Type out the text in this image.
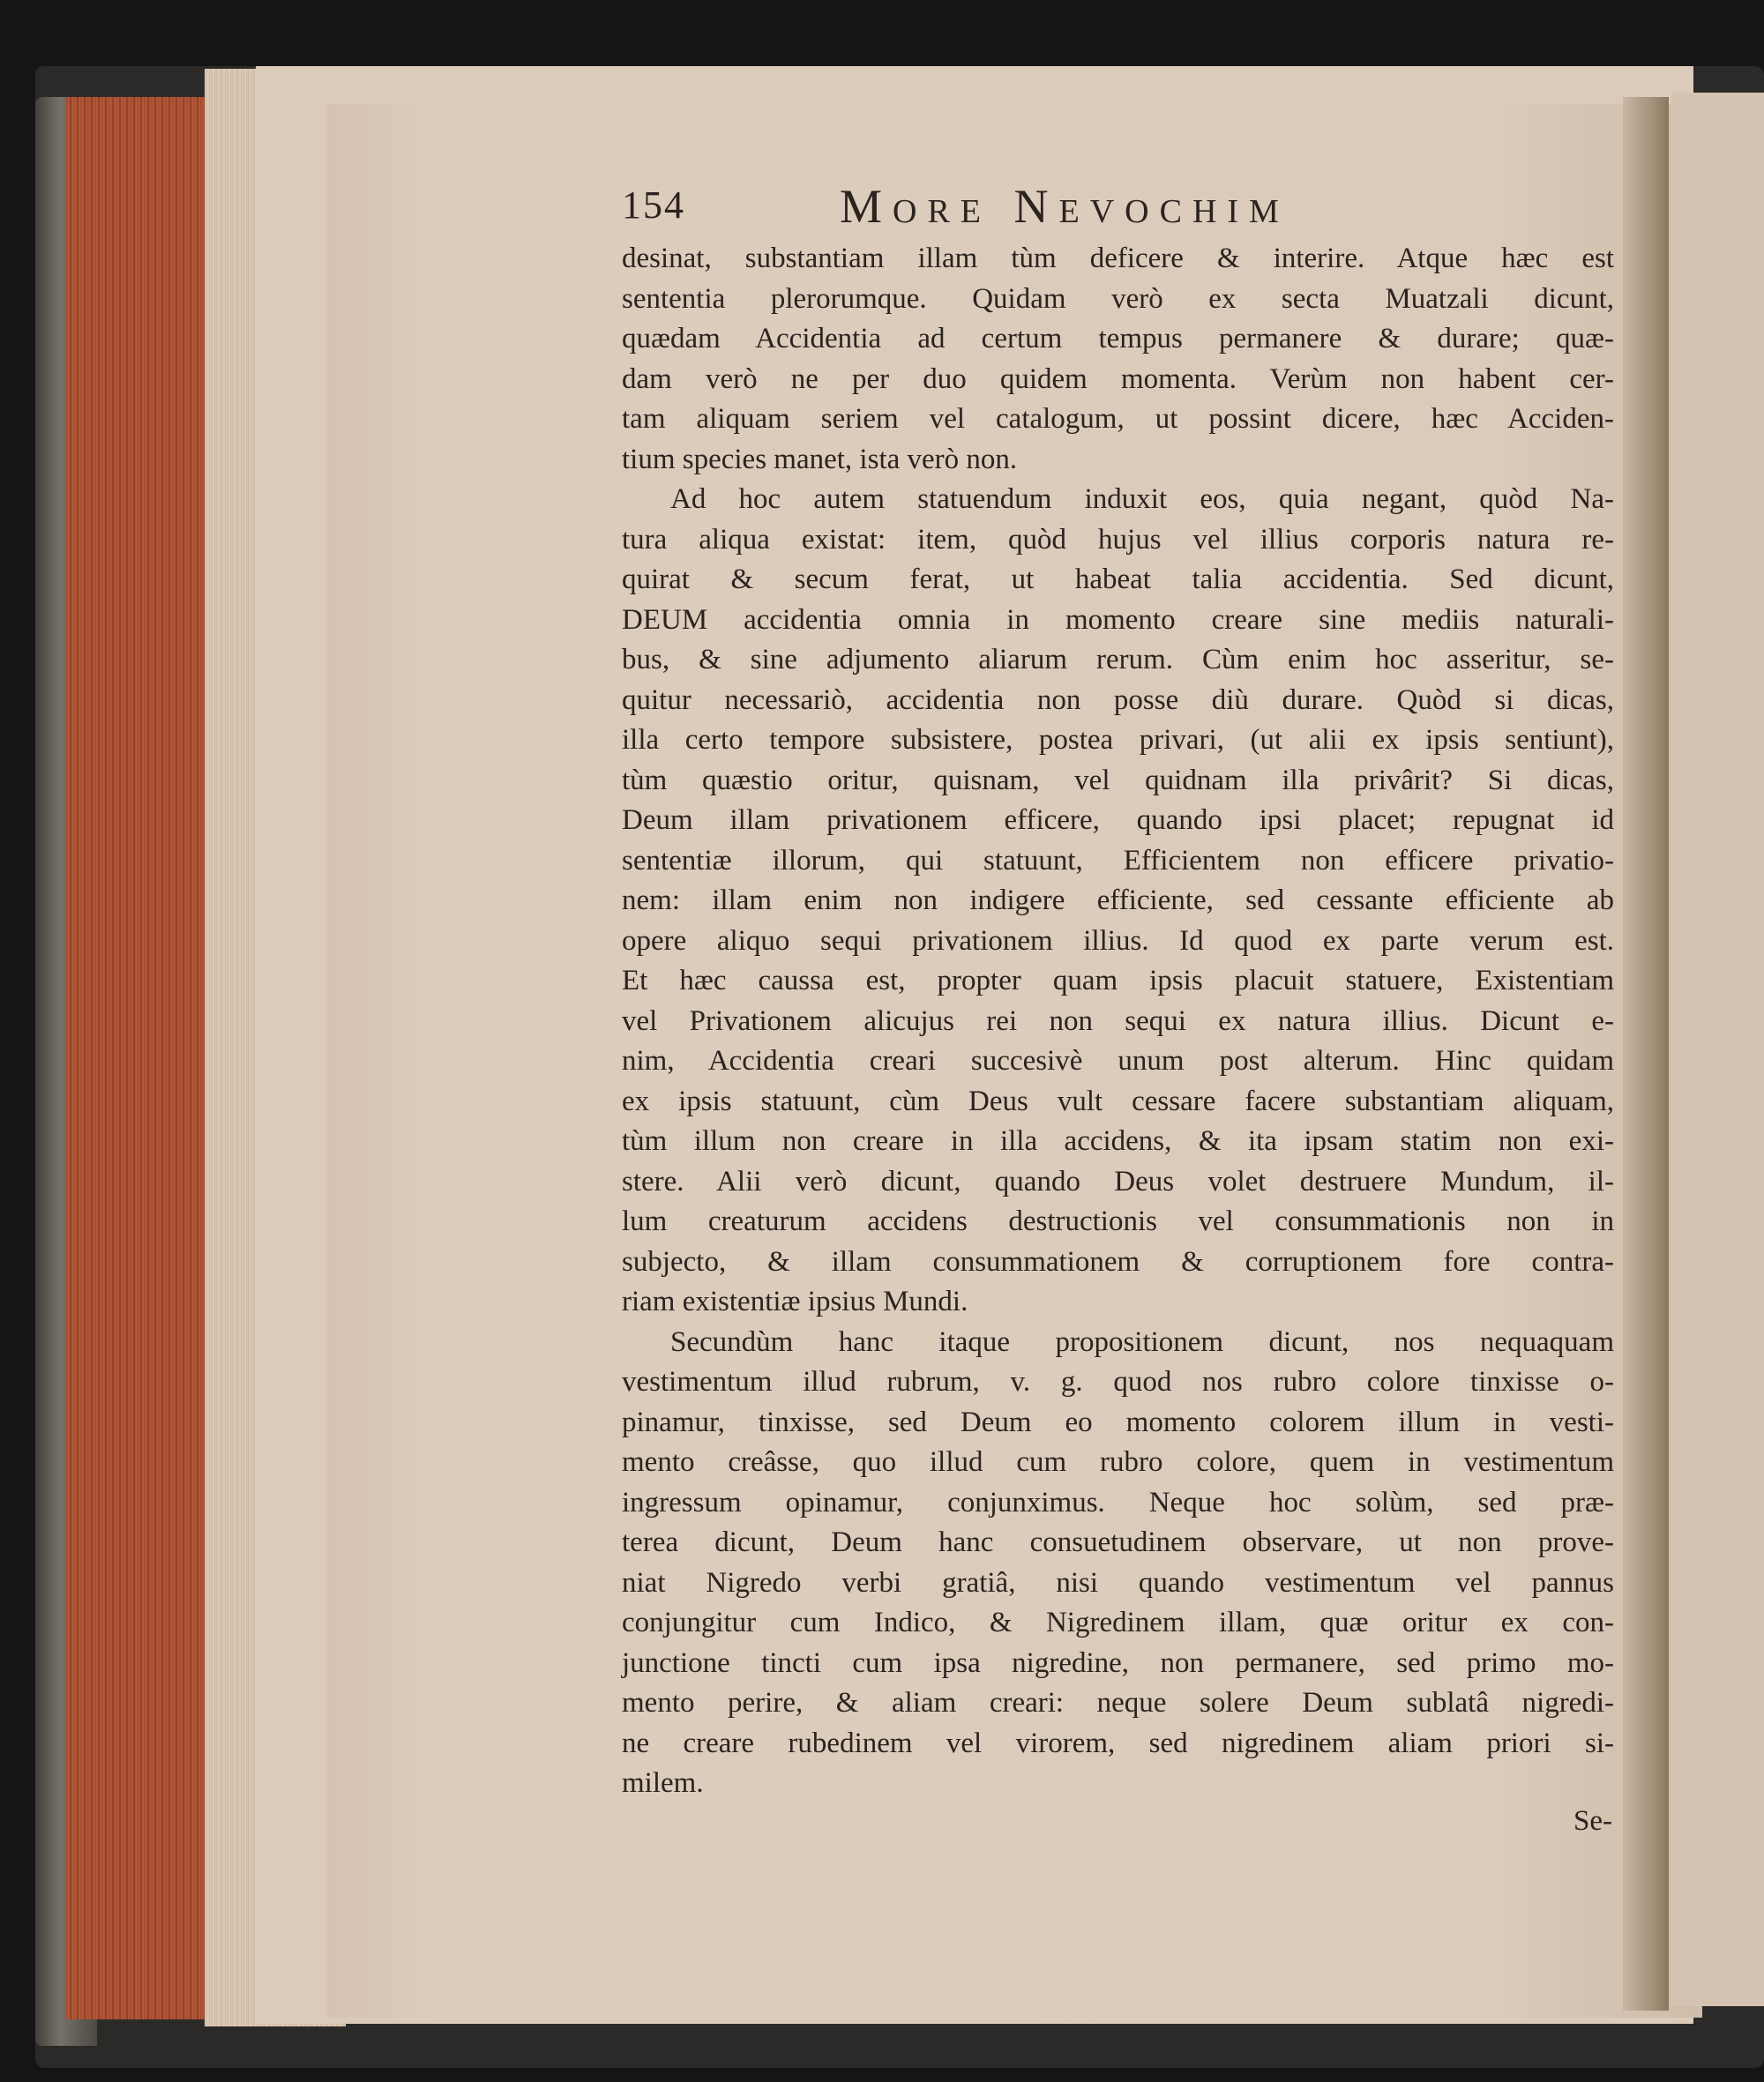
154	More Nevochim
desinat, substantiam illam tùm deficere & interire. Atque hæc est
sententia plerorumque. Quidam verò ex secta Muatzali dicunt,
quædam Accidentia ad certum tempus permanere & durare; quæ-
dam verò ne per duo quidem momenta. Verùm non habent cer-
tam aliquam seriem vel catalogum, ut possint dicere, hæc Acciden-
tium species manet, ista verò non.
Ad hoc autem statuendum induxit eos, quia negant, quòd Na-
tura aliqua existat: item, quòd hujus vel illius corporis natura re-
quirat & secum ferat, ut habeat talia accidentia. Sed dicunt,
DEUM accidentia omnia in momento creare sine mediis naturali-
bus, & sine adjumento aliarum rerum. Cùm enim hoc asseritur, se-
quitur necessariò, accidentia non posse diù durare. Quòd si dicas,
illa certo tempore subsistere, postea privari, (ut alii ex ipsis sentiunt),
tùm quæstio oritur, quisnam, vel quidnam illa privârit? Si dicas,
Deum illam privationem efficere, quando ipsi placet; repugnat id
sententiæ illorum, qui statuunt, Efficientem non efficere privatio-
nem: illam enim non indigere efficiente, sed cessante efficiente ab
opere aliquo sequi privationem illius. Id quod ex parte verum est.
Et hæc caussa est, propter quam ipsis placuit statuere, Existentiam
vel Privationem alicujus rei non sequi ex natura illius. Dicunt e-
nim, Accidentia creari succesivè unum post alterum. Hinc quidam
ex ipsis statuunt, cùm Deus vult cessare facere substantiam aliquam,
tùm illum non creare in illa accidens, & ita ipsam statim non exi-
stere. Alii verò dicunt, quando Deus volet destruere Mundum, il-
lum creaturum accidens destructionis vel consummationis non in
subjecto, & illam consummationem & corruptionem fore contra-
riam existentiæ ipsius Mundi.
Secundùm hanc itaque propositionem dicunt, nos nequaquam
vestimentum illud rubrum, v. g. quod nos rubro colore tinxisse o-
pinamur, tinxisse, sed Deum eo momento colorem illum in vesti-
mento creâsse, quo illud cum rubro colore, quem in vestimentum
ingressum opinamur, conjunximus. Neque hoc solùm, sed præ-
terea dicunt, Deum hanc consuetudinem observare, ut non prove-
niat Nigredo verbi gratiâ, nisi quando vestimentum vel pannus
conjungitur cum Indico, & Nigredinem illam, quæ oritur ex con-
junctione tincti cum ipsa nigredine, non permanere, sed primo mo-
mento perire, & aliam creari: neque solere Deum sublatâ nigredi-
ne creare rubedinem vel virorem, sed nigredinem aliam priori si-
milem.
Se-
